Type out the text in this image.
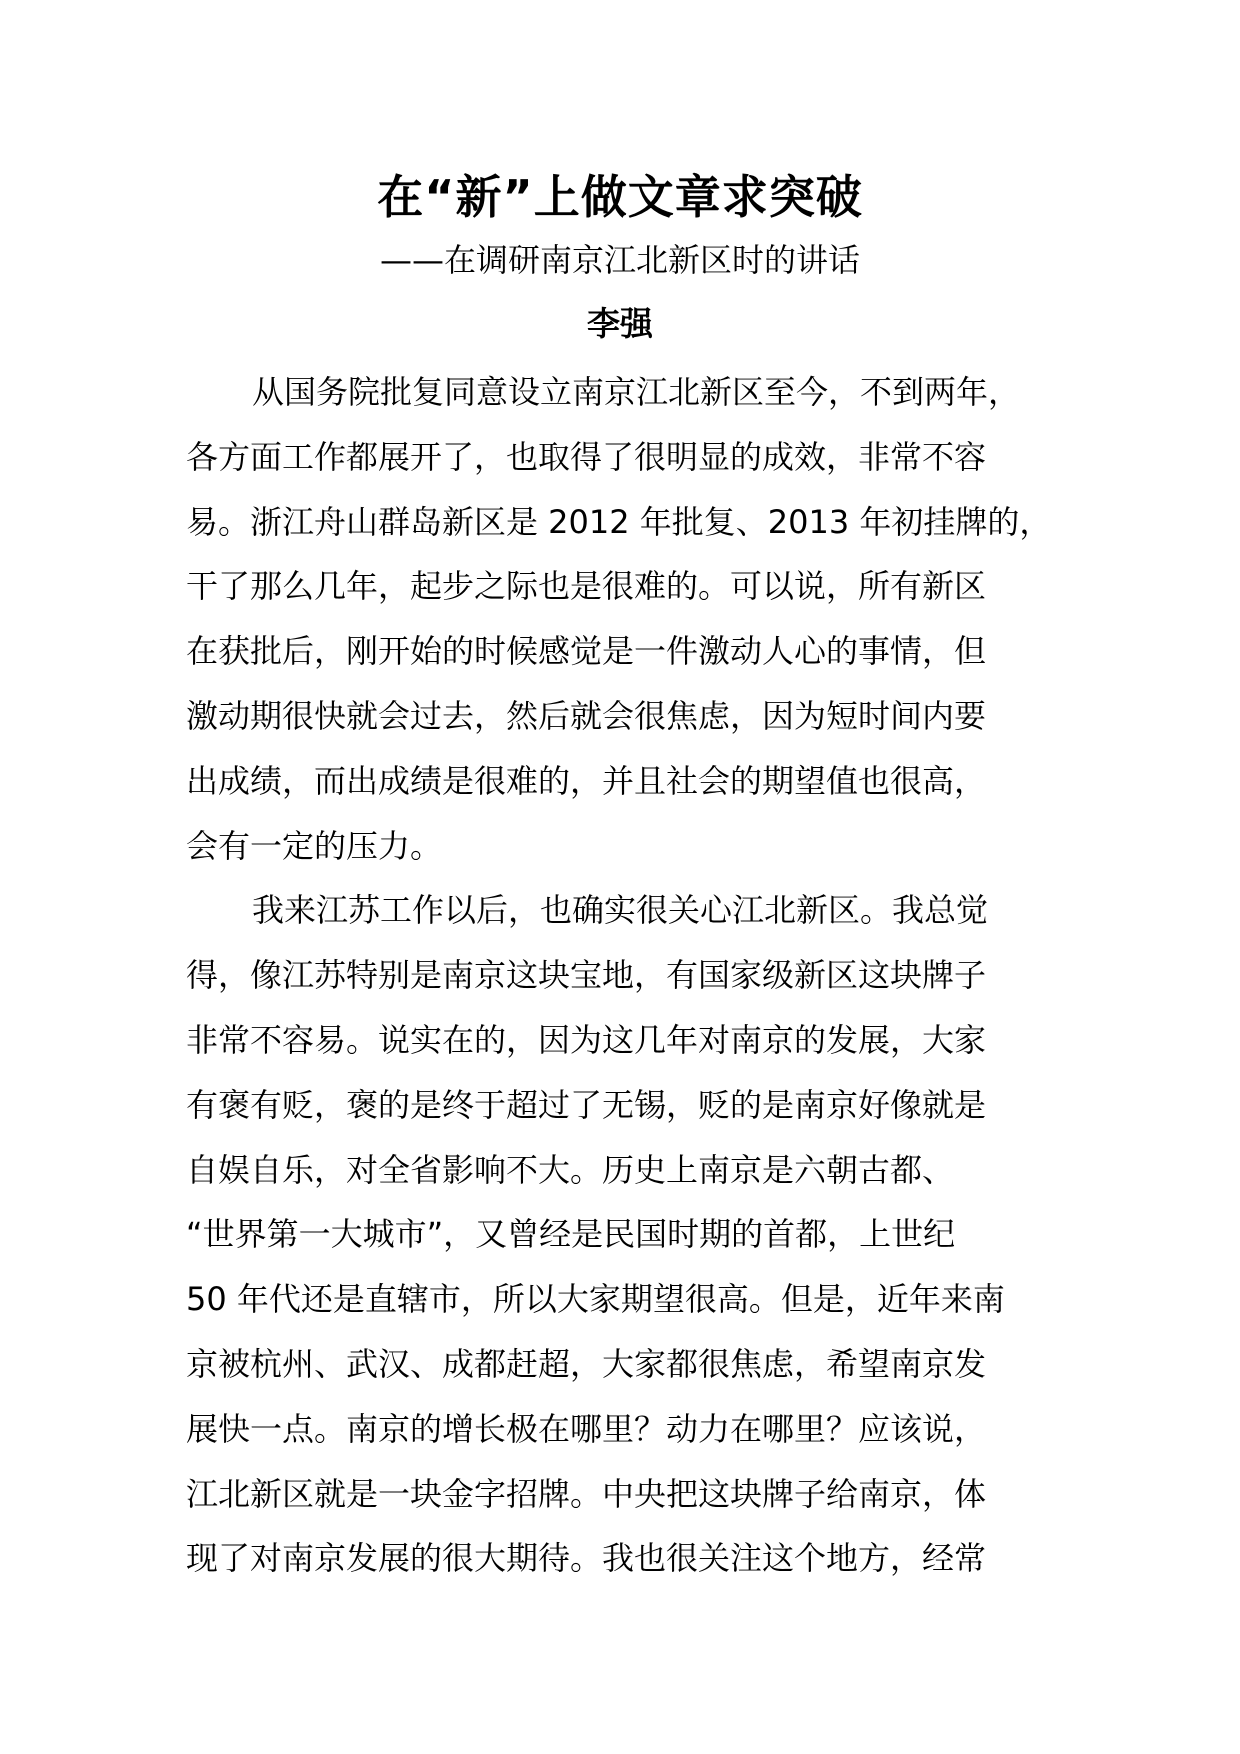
在“新”上做文章求突破
——在调研南京江北新区时的讲话
李强
从国务院批复同意设立南京江北新区至今，不到两年，
各方面工作都展开了，也取得了很明显的成效，非常不容
易。浙江舟山群岛新区是 2012 年批复、2013 年初挂牌的，
干了那么几年，起步之际也是很难的。可以说，所有新区
在获批后，刚开始的时候感觉是一件激动人心的事情，但
激动期很快就会过去，然后就会很焦虑，因为短时间内要
出成绩，而出成绩是很难的，并且社会的期望值也很高，
会有一定的压力。
我来江苏工作以后，也确实很关心江北新区。我总觉
得，像江苏特别是南京这块宝地，有国家级新区这块牌子
非常不容易。说实在的，因为这几年对南京的发展，大家
有褒有贬，褒的是终于超过了无锡，贬的是南京好像就是
自娱自乐，对全省影响不大。历史上南京是六朝古都、
“世界第一大城市”，又曾经是民国时期的首都，上世纪
50 年代还是直辖市，所以大家期望很高。但是，近年来南
京被杭州、武汉、成都赶超，大家都很焦虑，希望南京发
展快一点。南京的增长极在哪里？动力在哪里？应该说，
江北新区就是一块金字招牌。中央把这块牌子给南京，体
现了对南京发展的很大期待。我也很关注这个地方，经常
